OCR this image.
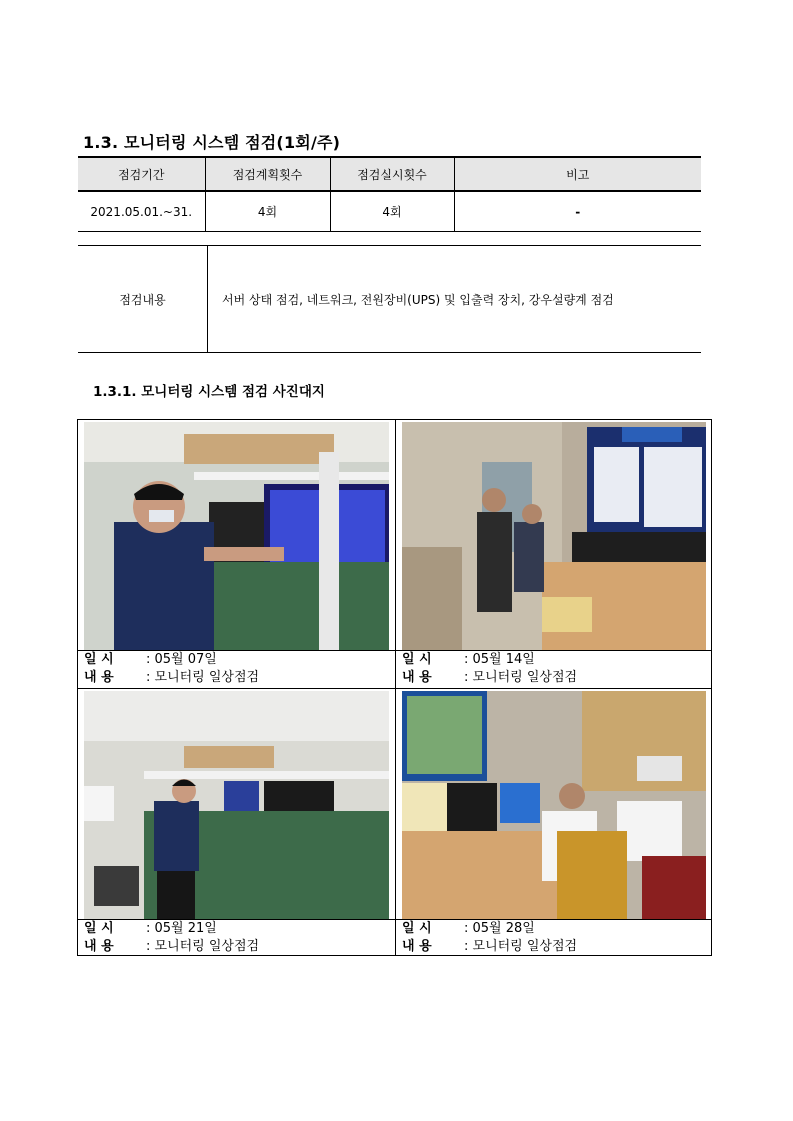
1.3. 모니터링 시스템 점검(1회/주)
점검기간	점검계획횟수	점검실시횟수	비고
2021.05.01.~31.	4회	4회	-
점검내용	서버 상태 점검, 네트워크, 전원장비(UPS) 및 입출력 장치, 강우설량계 점검
1.3.1. 모니터링 시스템 점검 사진대지
일 시 : 05월 07일
내 용 : 모니터링 일상점검
일 시 : 05월 14일
내 용 : 모니터링 일상점검
일 시 : 05월 21일
내 용 : 모니터링 일상점검
일 시 : 05월 28일
내 용 : 모니터링 일상점검
